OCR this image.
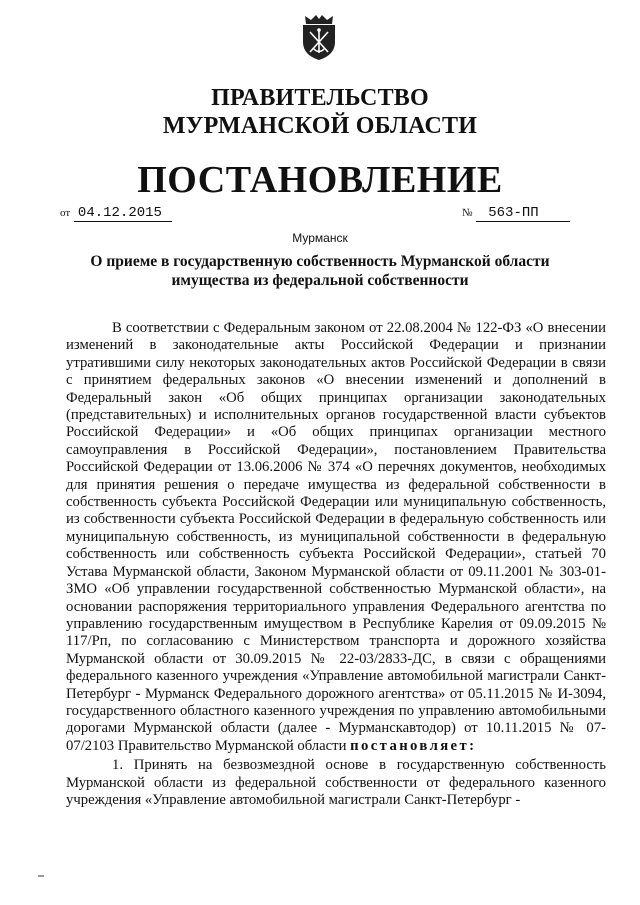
ПРАВИТЕЛЬСТВО
МУРМАНСКОЙ ОБЛАСТИ
ПОСТАНОВЛЕНИЕ
от 04.12.2015	№ 563-ПП
Мурманск
О приеме в государственную собственность Мурманской области
имущества из федеральной собственности

В соответствии с Федеральным законом от 22.08.2004 № 122-ФЗ «О внесении изменений в законодательные акты Российской Федерации и признании утратившими силу некоторых законодательных актов Российской Федерации в связи с принятием федеральных законов «О внесении изменений и дополнений в Федеральный закон «Об общих принципах организации законодательных (представительных) и исполнительных органов государственной власти субъектов Российской Федерации» и «Об общих принципах организации местного самоуправления в Российской Федерации», постановлением Правительства Российской Федерации от 13.06.2006 № 374 «О перечнях документов, необходимых для принятия решения о передаче имущества из федеральной собственности в собственность субъекта Российской Федерации или муниципальную собственность, из собственности субъекта Российской Федерации в федеральную собственность или муниципальную собственность, из муниципальной собственности в федеральную собственность или собственность субъекта Российской Федерации», статьей 70 Устава Мурманской области, Законом Мурманской области от 09.11.2001 № 303-01-ЗМО «Об управлении государственной собственностью Мурманской области», на основании распоряжения территориального управления Федерального агентства по управлению государственным имуществом в Республике Карелия от 09.09.2015 № 117/Рп, по согласованию с Министерством транспорта и дорожного хозяйства Мурманской области от 30.09.2015 № 22-03/2833-ДС, в связи с обращениями федерального казенного учреждения «Управление автомобильной магистрали Санкт-Петербург - Мурманск Федерального дорожного агентства» от 05.11.2015 № И-3094, государственного областного казенного учреждения по управлению автомобильными дорогами Мурманской области (далее - Мурманскавтодор) от 10.11.2015 № 07-07/2103 Правительство Мурманской области постановляет:

1. Принять на безвозмездной основе в государственную собственность Мурманской области из федеральной собственности от федерального казенного учреждения «Управление автомобильной магистрали Санкт-Петербург -
